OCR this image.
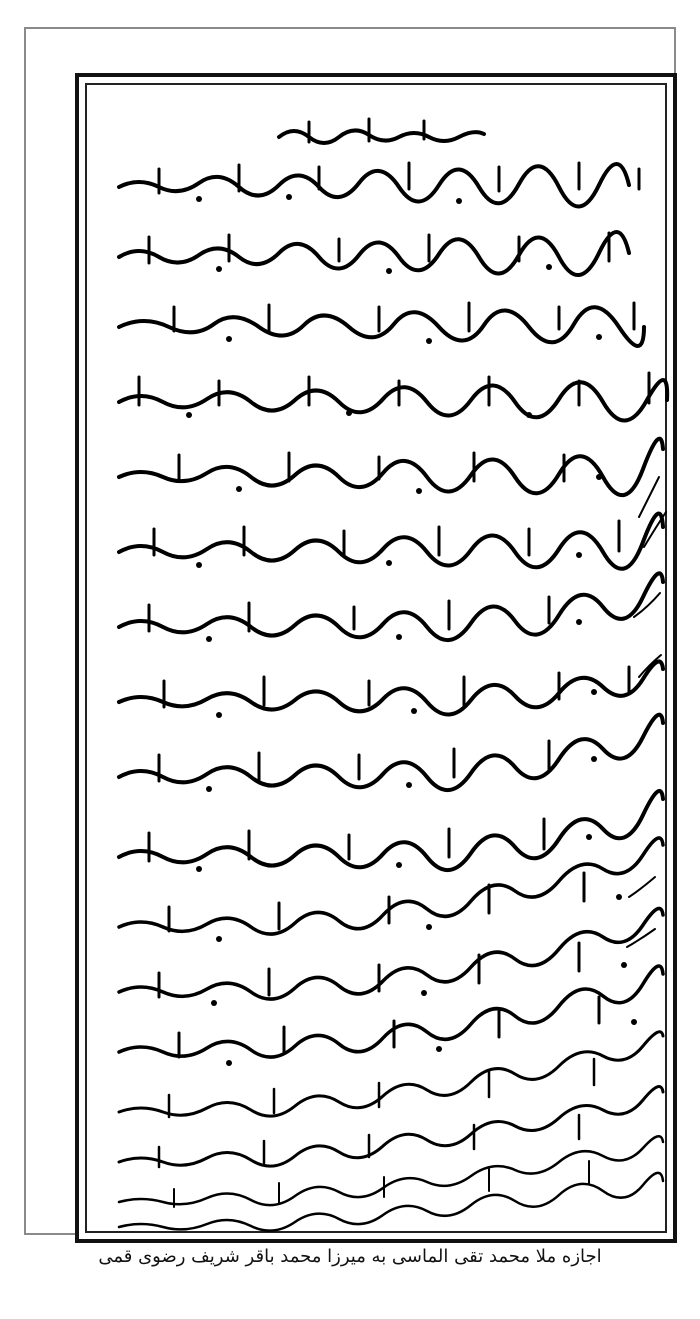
اجازه ملا محمد تقی الماسی به میرزا محمد باقر شریف رضوی قمی
